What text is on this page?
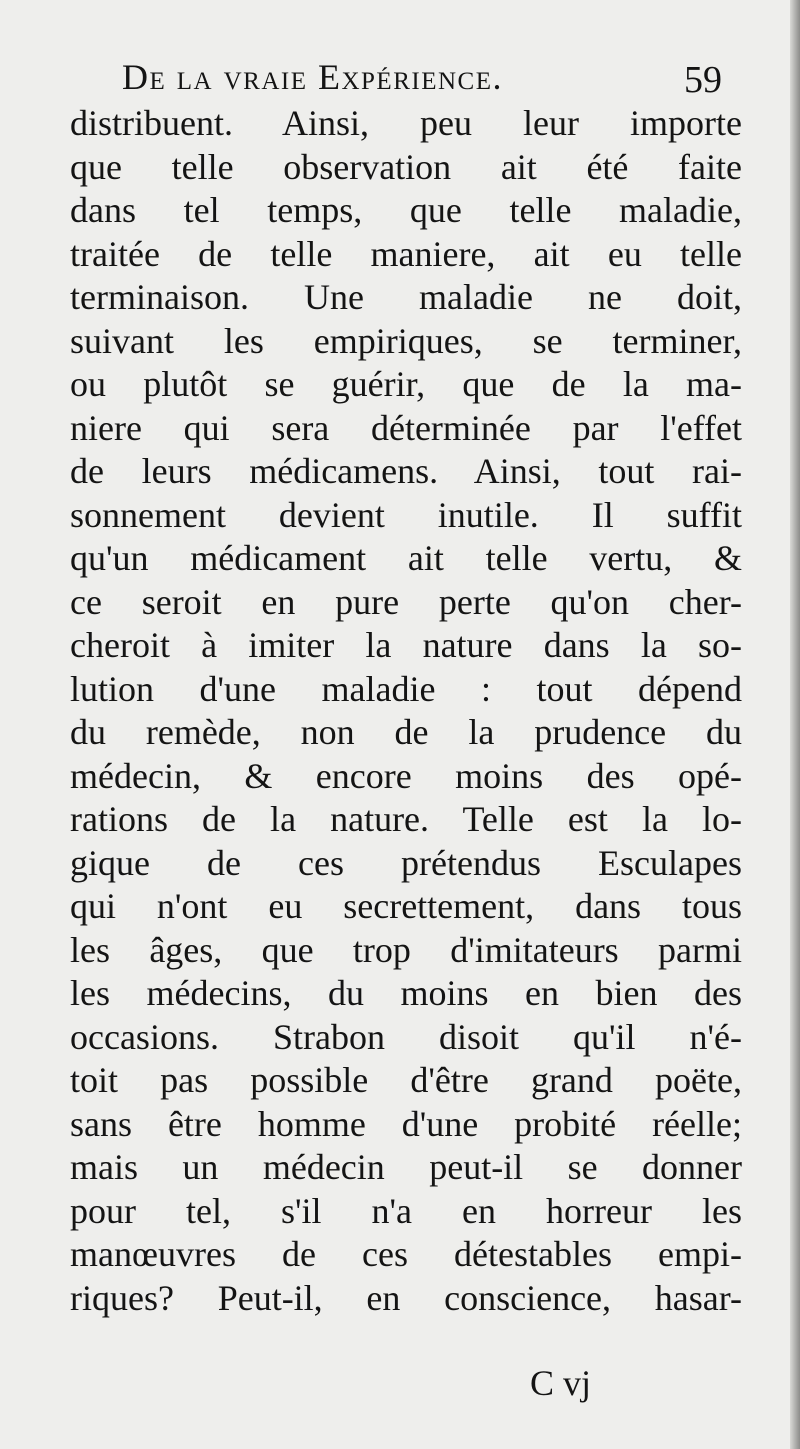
De la vraie Expérience.	59
distribuent. Ainsi, peu leur importe
que telle observation ait été faite
dans tel temps, que telle maladie,
traitée de telle maniere, ait eu telle
terminaison. Une maladie ne doit,
suivant les empiriques, se terminer,
ou plutôt se guérir, que de la ma-
niere qui sera déterminée par l'effet
de leurs médicamens. Ainsi, tout rai-
sonnement devient inutile. Il suffit
qu'un médicament ait telle vertu, &
ce seroit en pure perte qu'on cher-
cheroit à imiter la nature dans la so-
lution d'une maladie : tout dépend
du remède, non de la prudence du
médecin, & encore moins des opé-
rations de la nature. Telle est la lo-
gique de ces prétendus Esculapes
qui n'ont eu secrettement, dans tous
les âges, que trop d'imitateurs parmi
les médecins, du moins en bien des
occasions. Strabon disoit qu'il n'é-
toit pas possible d'être grand poëte,
sans être homme d'une probité réelle;
mais un médecin peut-il se donner
pour tel, s'il n'a en horreur les
manœuvres de ces détestables empi-
riques? Peut-il, en conscience, hasar-
C vj
